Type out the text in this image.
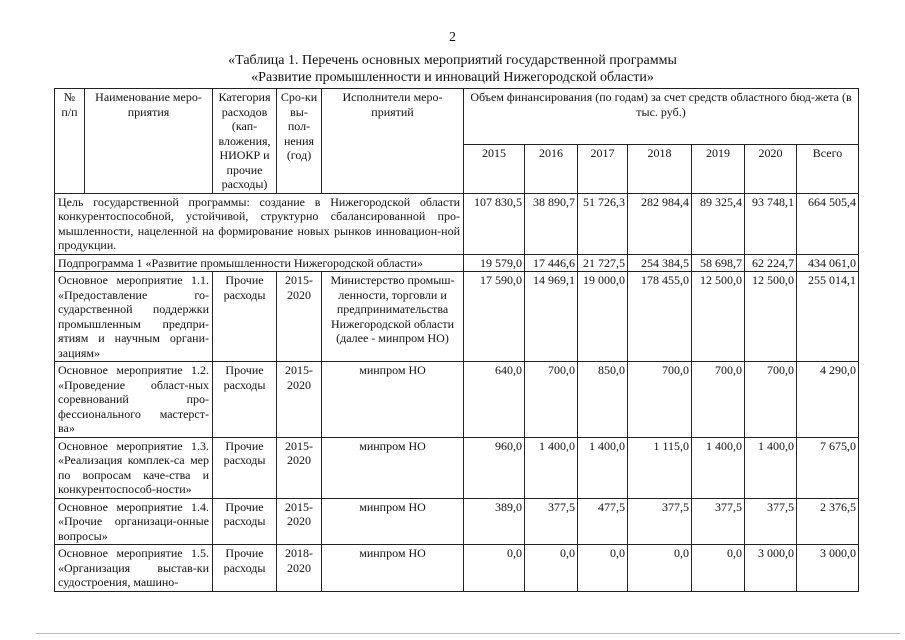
2
«Таблица 1. Перечень основных мероприятий государственной программы
«Развитие промышленности и инноваций Нижегородской области»
№ п/п	Наименование меро-приятия	Категория расходов (кап-вложения, НИОКР и прочие расходы)	Сро-ки вы-пол-нения (год)	Исполнители меро-приятий	Объем финансирования (по годам) за счет средств областного бюд-жета (в тыс. руб.)						
					2015	2016	2017	2018	2019	2020	Всего
Цель государственной программы: создание в Нижегородской области конкурентоспособной, устойчивой, структурно сбалансированной про-мышленности, нацеленной на формирование новых рынков инновацион-ной продукции.					107 830,5	38 890,7	51 726,3	282 984,4	89 325,4	93 748,1	664 505,4
Подпрограмма 1 «Развитие промышленности Нижегородской области»					19 579,0	17 446,6	21 727,5	254 384,5	58 698,7	62 224,7	434 061,0
Основное мероприятие 1.1. «Предоставление го-сударственной поддержки промышленным предпри-ятиям и научным органи-зациям»		Прочие расходы	2015-2020	Министерство промыш-ленности, торговли и предпринимательства Нижегородской области (далее - минпром НО)	17 590,0	14 969,1	19 000,0	178 455,0	12 500,0	12 500,0	255 014,1
Основное мероприятие 1.2. «Проведение област-ных соревнований про-фессионального мастерст-ва»		Прочие расходы	2015-2020	минпром НО	640,0	700,0	850,0	700,0	700,0	700,0	4 290,0
Основное мероприятие 1.3. «Реализация комплек-са мер по вопросам каче-ства и конкурентоспособ-ности»		Прочие расходы	2015-2020	минпром НО	960,0	1 400,0	1 400,0	1 115,0	1 400,0	1 400,0	7 675,0
Основное мероприятие 1.4. «Прочие организаци-онные вопросы»		Прочие расходы	2015-2020	минпром НО	389,0	377,5	477,5	377,5	377,5	377,5	2 376,5
Основное мероприятие 1.5. «Организация выстав-ки судостроения, машино-		Прочие расходы	2018-2020	минпром НО	0,0	0,0	0,0	0,0	0,0	3 000,0	3 000,0
